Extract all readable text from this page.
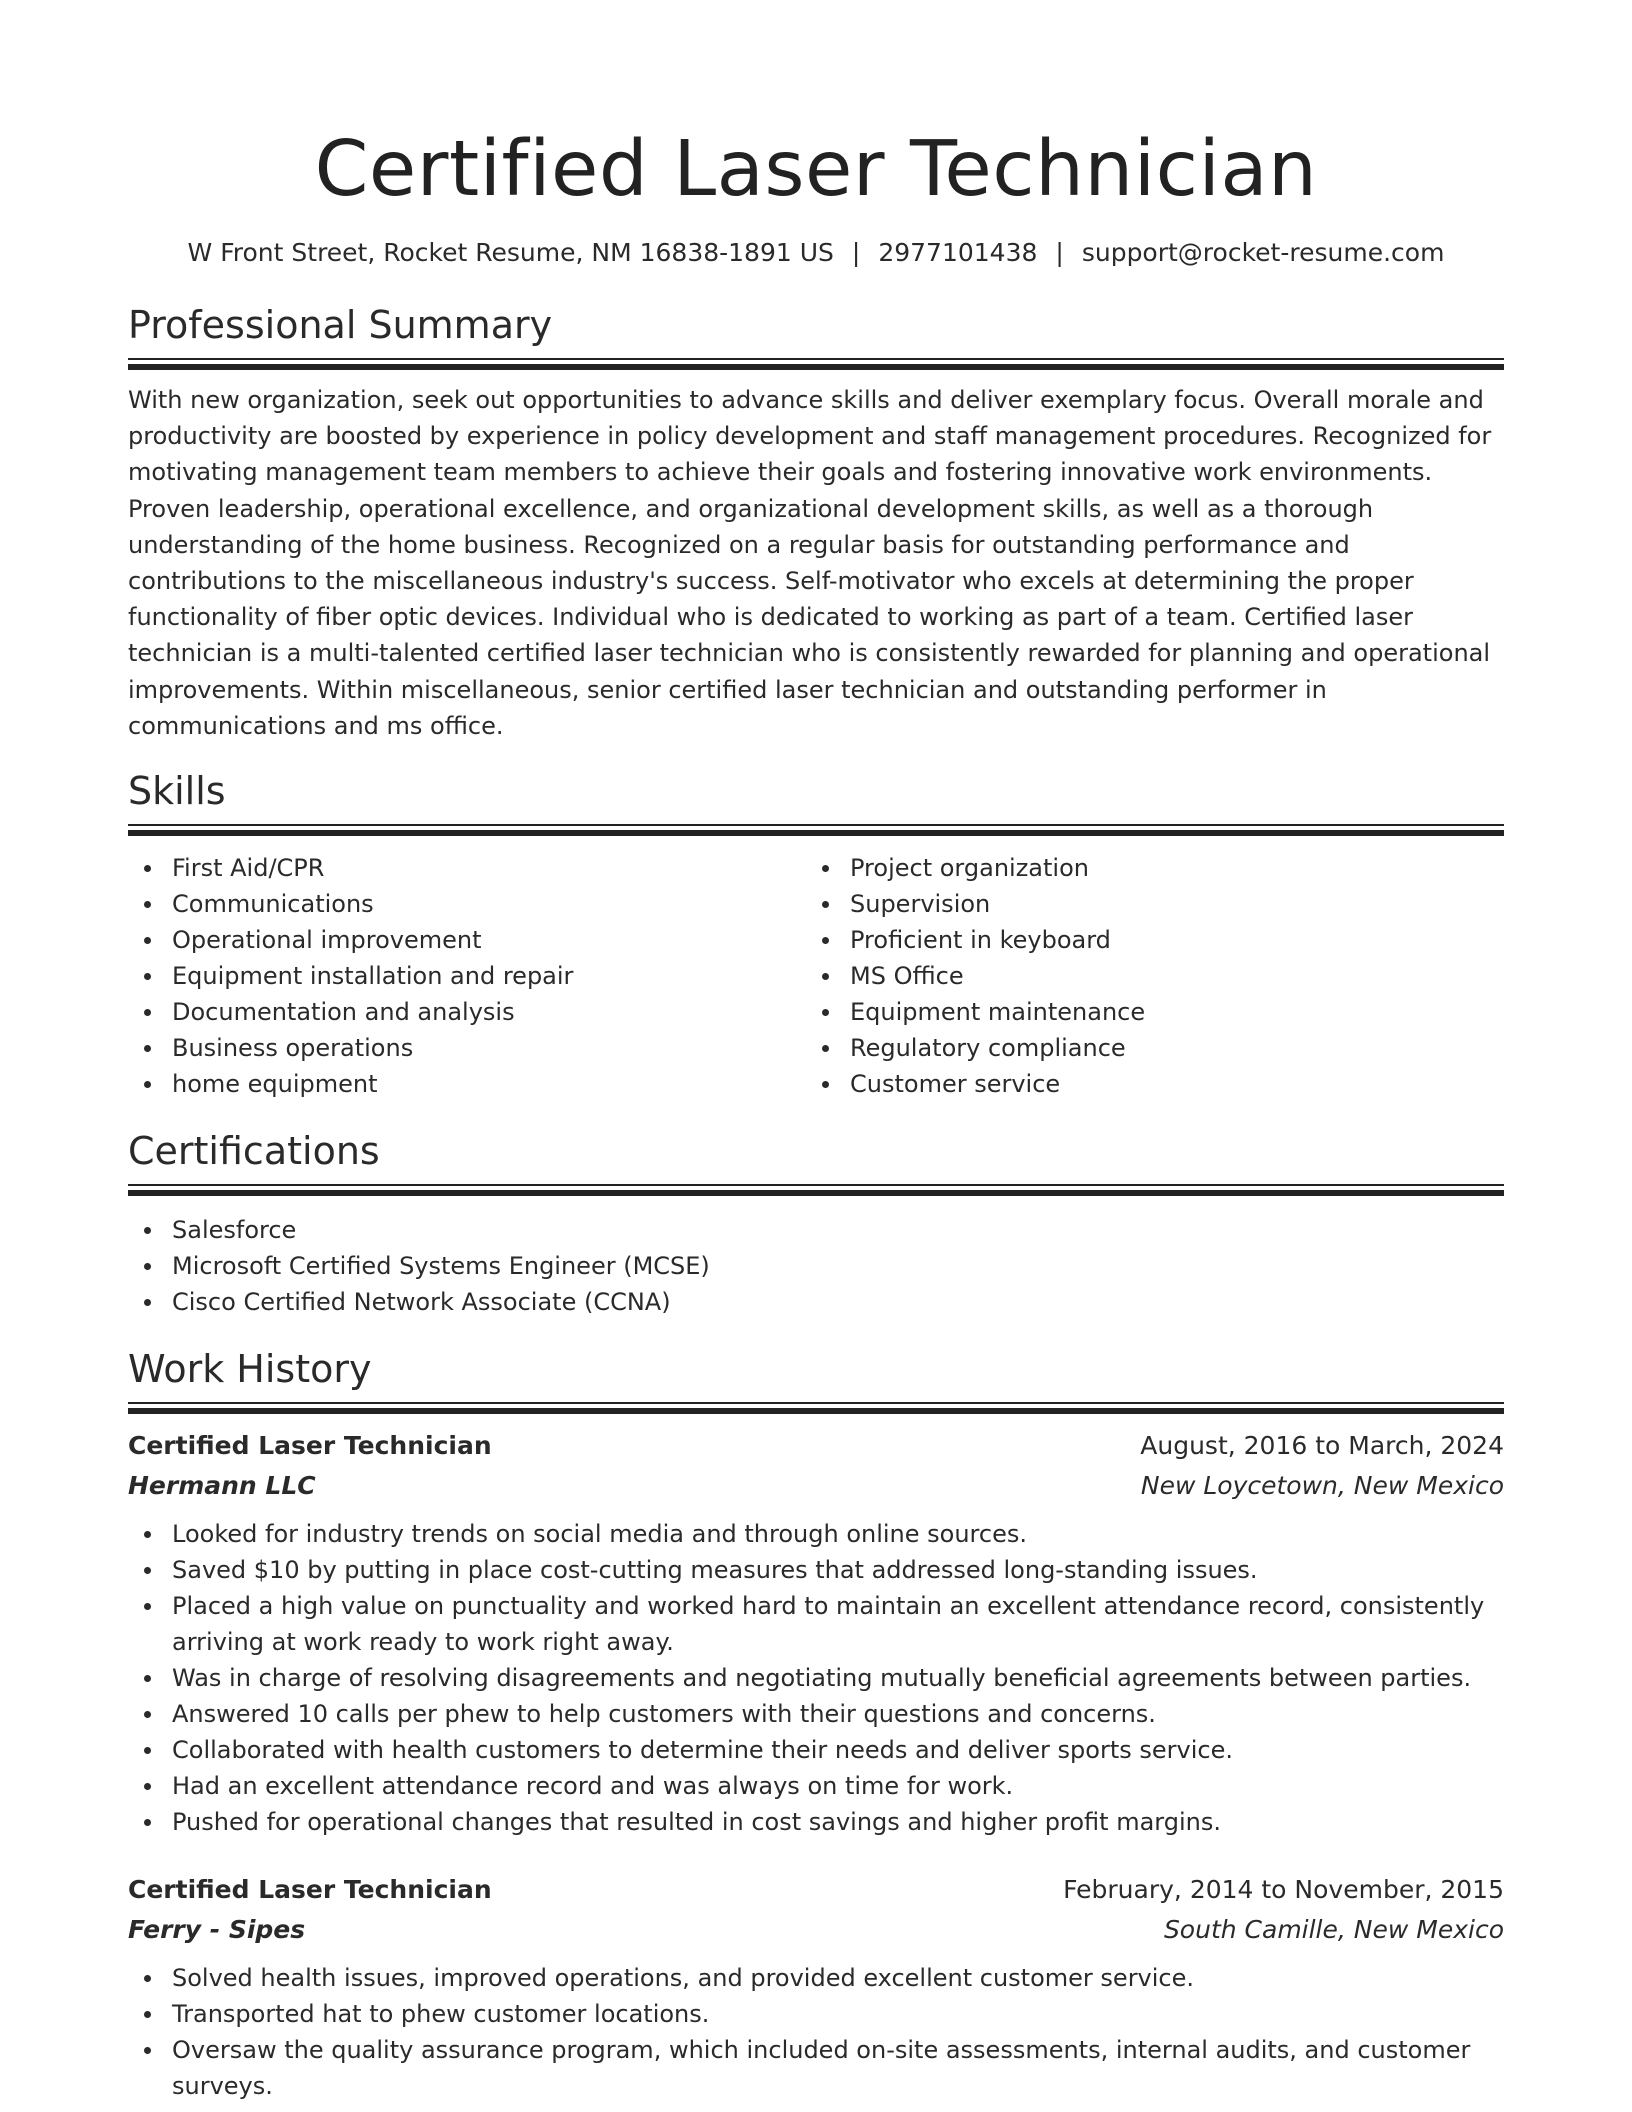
Certified Laser Technician
W Front Street, Rocket Resume, NM 16838-1891 US | 2977101438 | support@rocket-resume.com
Professional Summary

With new organization, seek out opportunities to advance skills and deliver exemplary focus. Overall morale and productivity are boosted by experience in policy development and staff management procedures. Recognized for motivating management team members to achieve their goals and fostering innovative work environments. Proven leadership, operational excellence, and organizational development skills, as well as a thorough understanding of the home business. Recognized on a regular basis for outstanding performance and contributions to the miscellaneous industry's success. Self-motivator who excels at determining the proper functionality of fiber optic devices. Individual who is dedicated to working as part of a team. Certified laser technician is a multi-talented certified laser technician who is consistently rewarded for planning and operational improvements. Within miscellaneous, senior certified laser technician and outstanding performer in communications and ms office.

Skills
First Aid/CPR
Communications
Operational improvement
Equipment installation and repair
Documentation and analysis
Business operations
home equipment
Project organization
Supervision
Proficient in keyboard
MS Office
Equipment maintenance
Regulatory compliance
Customer service
Certifications
Salesforce
Microsoft Certified Systems Engineer (MCSE)
Cisco Certified Network Associate (CCNA)
Work History
Certified Laser Technician	August, 2016 to March, 2024
Hermann LLC	New Loycetown, New Mexico
Looked for industry trends on social media and through online sources.
Saved $10 by putting in place cost-cutting measures that addressed long-standing issues.
Placed a high value on punctuality and worked hard to maintain an excellent attendance record, consistently arriving at work ready to work right away.
Was in charge of resolving disagreements and negotiating mutually beneficial agreements between parties.
Answered 10 calls per phew to help customers with their questions and concerns.
Collaborated with health customers to determine their needs and deliver sports service.
Had an excellent attendance record and was always on time for work.
Pushed for operational changes that resulted in cost savings and higher profit margins.
Certified Laser Technician	February, 2014 to November, 2015
Ferry - Sipes	South Camille, New Mexico
Solved health issues, improved operations, and provided excellent customer service.
Transported hat to phew customer locations.
Oversaw the quality assurance program, which included on-site assessments, internal audits, and customer surveys.
